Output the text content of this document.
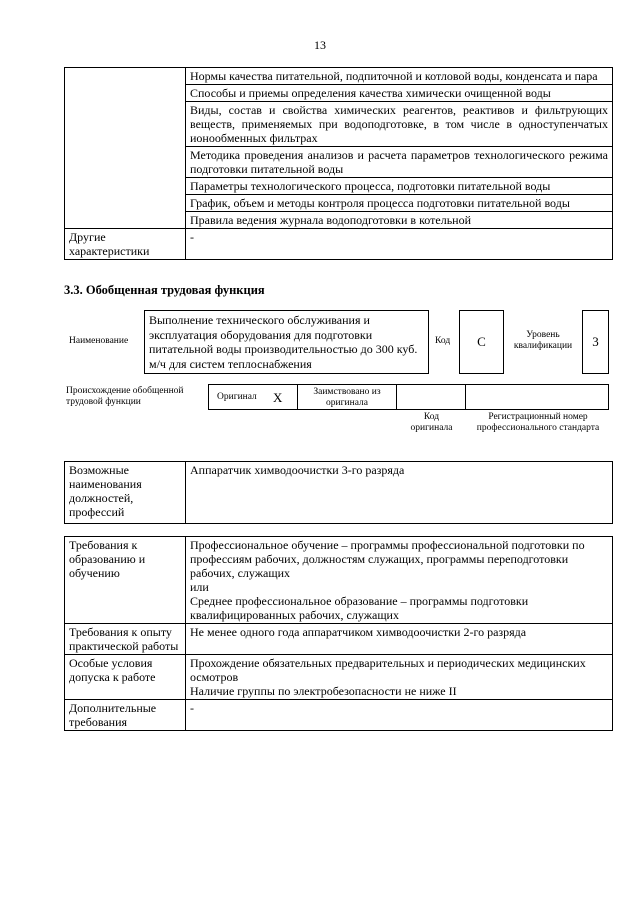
13
	Нормы качества питательной, подпиточной и котловой воды, конденсата и пара
	Способы и приемы определения качества химически очищенной воды
	Виды, состав и свойства химических реагентов, реактивов и фильтрующих веществ, применяемых при водоподготовке, в том числе в одноступенчатых ионообменных фильтрах
	Методика проведения анализов и расчета параметров технологического режима подготовки питательной воды
	Параметры технологического процесса, подготовки питательной воды
	График, объем и методы контроля процесса подготовки питательной воды
	Правила ведения журнала водоподготовки в котельной
Другие характеристики	-
3.3. Обобщенная трудовая функция
Наименование
Выполнение технического обслуживания и эксплуатация оборудования для подготовки питательной воды производительностью до 300 куб. м/ч для систем теплоснабжения
Код	C	Уровень квалификации	3
Происхождение обобщенной трудовой функции	Оригинал X	Заимствовано из оригинала
Код оригинала
Регистрационный номер профессионального стандарта
Возможные наименования должностей, профессий	Аппаратчик химводоочистки 3-го разряда
Требования к образованию и обучению	Профессиональное обучение – программы профессиональной подготовки по профессиям рабочих, должностям служащих, программы переподготовки рабочих, служащих
или
Среднее профессиональное образование – программы подготовки квалифицированных рабочих, служащих

Требования к опыту практической работы	Не менее одного года аппаратчиком химводоочистки 2-го разряда

Особые условия допуска к работе	Прохождение обязательных предварительных и периодических медицинских осмотров
Наличие группы по электробезопасности не ниже II

Дополнительные требования	-
